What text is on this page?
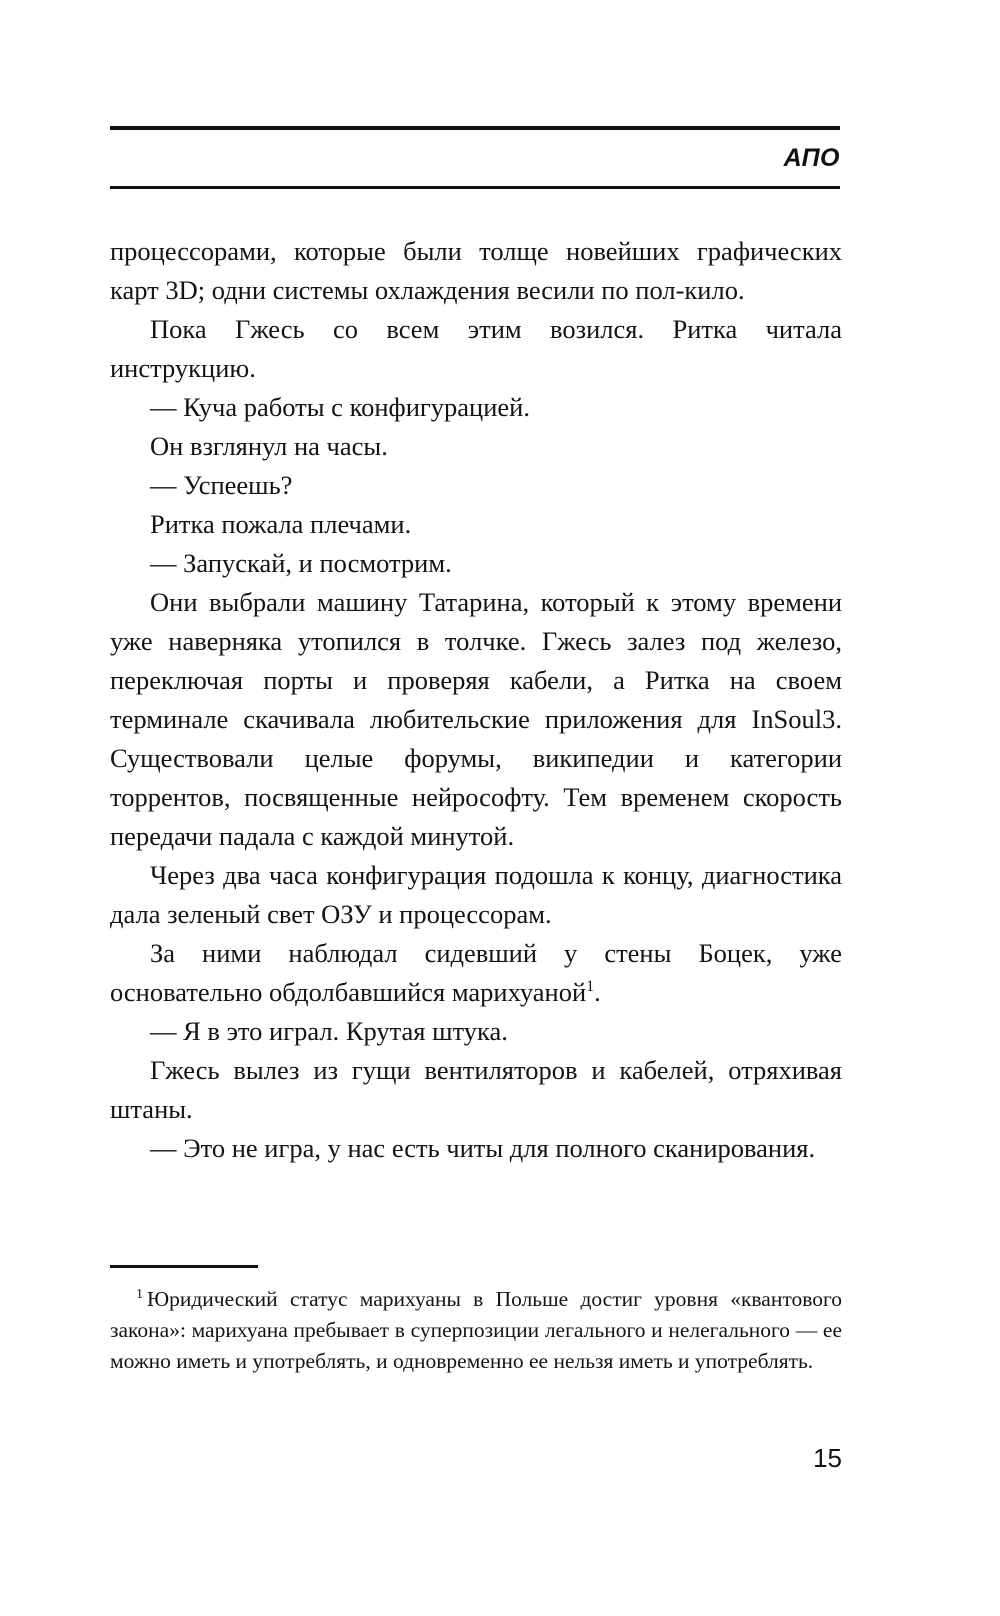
АПО

процессорами, которые были толще новейших графических карт 3D; одни системы охлаждения весили по пол-кило.

Пока Гжесь со всем этим возился. Ритка читала инструкцию.

— Куча работы с конфигурацией.

Он взглянул на часы.

— Успеешь?

Ритка пожала плечами.

— Запускай, и посмотрим.

Они выбрали машину Татарина, который к этому времени уже наверняка утопился в толчке. Гжесь залез под железо, переключая порты и проверяя кабели, а Ритка на своем терминале скачивала любительские приложения для InSoul3. Существовали целые форумы, википедии и категории торрентов, посвященные нейрософту. Тем временем скорость передачи падала с каждой минутой.

Через два часа конфигурация подошла к концу, диагностика дала зеленый свет ОЗУ и процессорам.

За ними наблюдал сидевший у стены Боцек, уже основательно обдолбавшийся марихуаной$^1$.

— Я в это играл. Крутая штука.

Гжесь вылез из гущи вентиляторов и кабелей, отряхивая штаны.

— Это не игра, у нас есть читы для полного сканирования.

$^1$ Юридический статус марихуаны в Польше достиг уровня «квантового закона»: марихуана пребывает в суперпозиции легального и нелегального — ее можно иметь и употреблять, и одновременно ее нельзя иметь и употреблять.

15
